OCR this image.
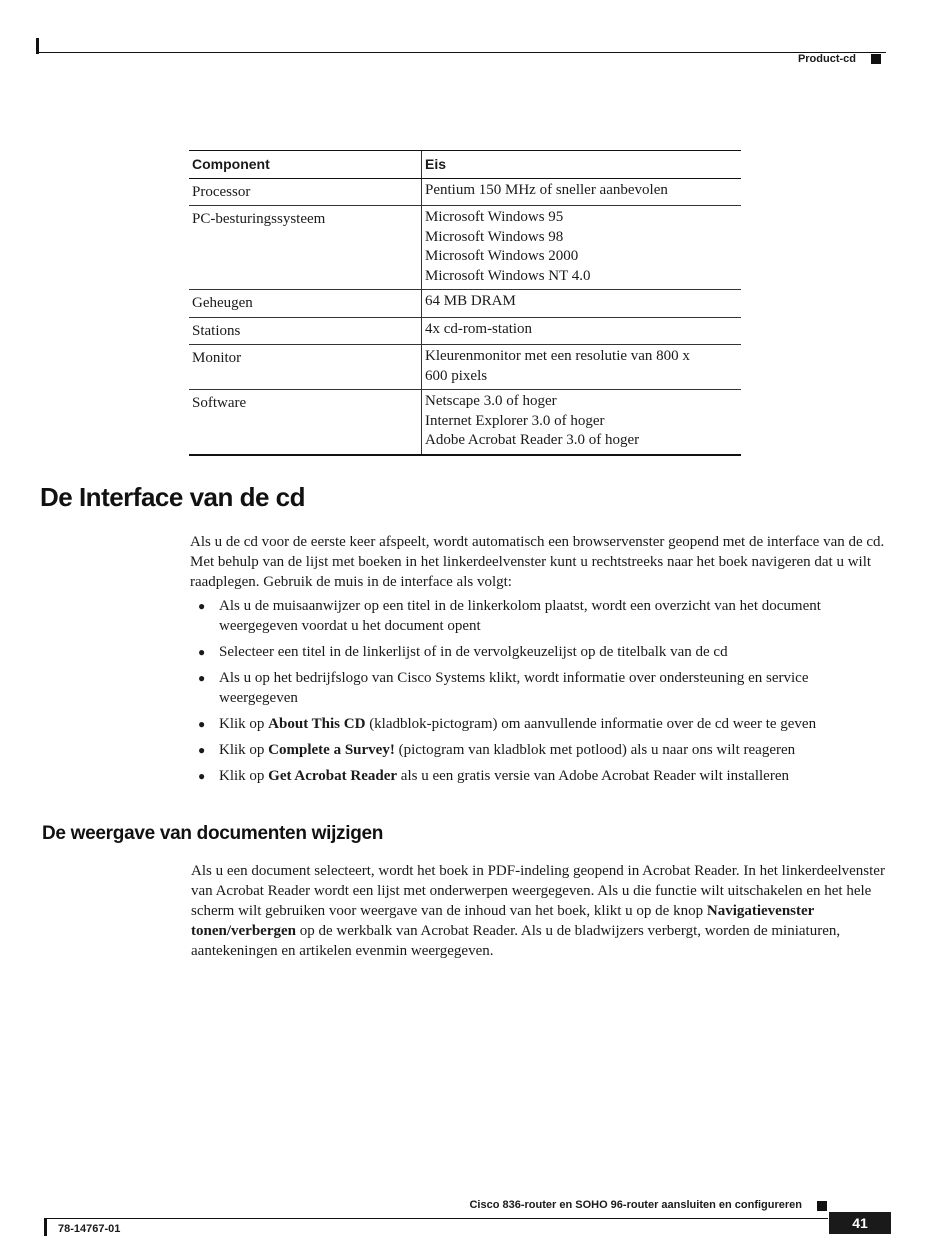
Product-cd
Component	Eis
Processor	Pentium 150 MHz of sneller aanbevolen

PC-besturingssysteem	Microsoft Windows 95
Microsoft Windows 98
Microsoft Windows 2000
Microsoft Windows NT 4.0

Geheugen	64 MB DRAM

Stations	4x cd-rom-station

Monitor	Kleurenmonitor met een resolutie van 800 x
600 pixels

Software	Netscape 3.0 of hoger
Internet Explorer 3.0 of hoger
Adobe Acrobat Reader 3.0 of hoger
De Interface van de cd

Als u de cd voor de eerste keer afspeelt, wordt automatisch een browservenster geopend met de interface van de cd. Met behulp van de lijst met boeken in het linkerdeelvenster kunt u rechtstreeks naar het boek navigeren dat u wilt raadplegen. Gebruik de muis in de interface als volgt:

● Als u de muisaanwijzer op een titel in de linkerkolom plaatst, wordt een overzicht van het document weergegeven voordat u het document opent
● Selecteer een titel in de linkerlijst of in de vervolgkeuzelijst op de titelbalk van de cd
● Als u op het bedrijfslogo van Cisco Systems klikt, wordt informatie over ondersteuning en service weergegeven
● Klik op About This CD (kladblok-pictogram) om aanvullende informatie over de cd weer te geven
● Klik op Complete a Survey! (pictogram van kladblok met potlood) als u naar ons wilt reageren
● Klik op Get Acrobat Reader als u een gratis versie van Adobe Acrobat Reader wilt installeren
De weergave van documenten wijzigen

Als u een document selecteert, wordt het boek in PDF-indeling geopend in Acrobat Reader. In het linkerdeelvenster van Acrobat Reader wordt een lijst met onderwerpen weergegeven. Als u die functie wilt uitschakelen en het hele scherm wilt gebruiken voor weergave van de inhoud van het boek, klikt u op de knop Navigatievenster tonen/verbergen op de werkbalk van Acrobat Reader. Als u de bladwijzers verbergt, worden de miniaturen, aantekeningen en artikelen evenmin weergegeven.

Cisco 836-router en SOHO 96-router aansluiten en configureren
78-14767-01	41
